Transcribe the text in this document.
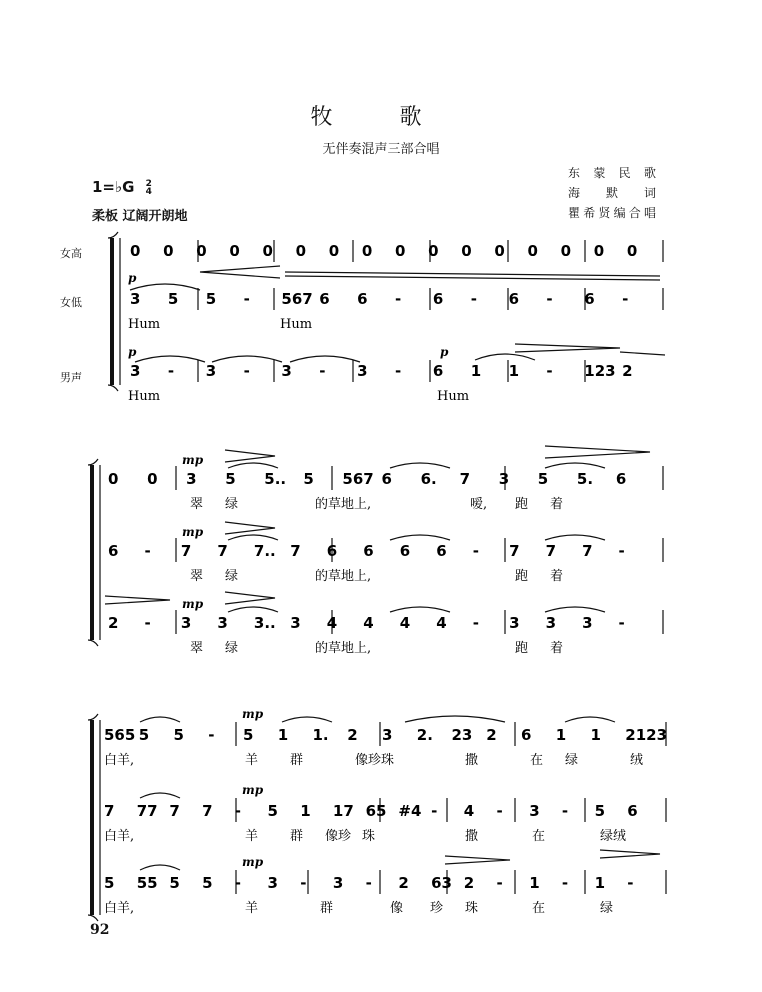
牧 歌
无伴奏混声三部合唱
东蒙民歌
海默词
瞿希贤编合唱
1=♭G 2
4
柔板 辽阔开朗地
女高
女低
男声
p
p	p
mp
mp
mp
mp
mp
mp
0 0 0 0 0 0 0 0 0 0 0 0 0 0 0 0
3 5 5 - 567 6 6 - 6 - 6 - 6 -
Hum	Hum
3 - 3 - 3 - 3 - 6 1 1 - 123 2
Hum	Hum
0 0 3 5 5.. 5 567 6 6. 7 3 5 5. 6
翠 绿	的草地上,	嗳, 跑 着
6 - 7 7 7.. 7 6 6 6 6 - 7 7 7 -
翠 绿	的草地上,	跑 着
2 - 3 3 3.. 3 4 4 4 4 - 3 3 3 -
翠 绿	的草地上,	跑 着
565 5 5 - 5 1 1. 2 3 2. 23 2 6 1 1 2123
白羊,	羊 群	像珍珠	撒	在 绿	绒
7 77 7 7 - 5 1 17 65 #4 - 4 - 3 - 5 6
白羊,	羊 群 像珍 珠	撒	在	绿绒
5 55 5 5 - 3 - 3 - 2 63 2 - 1 - 1 -
白羊,	羊	群	像 珍 珠	在	绿
92
